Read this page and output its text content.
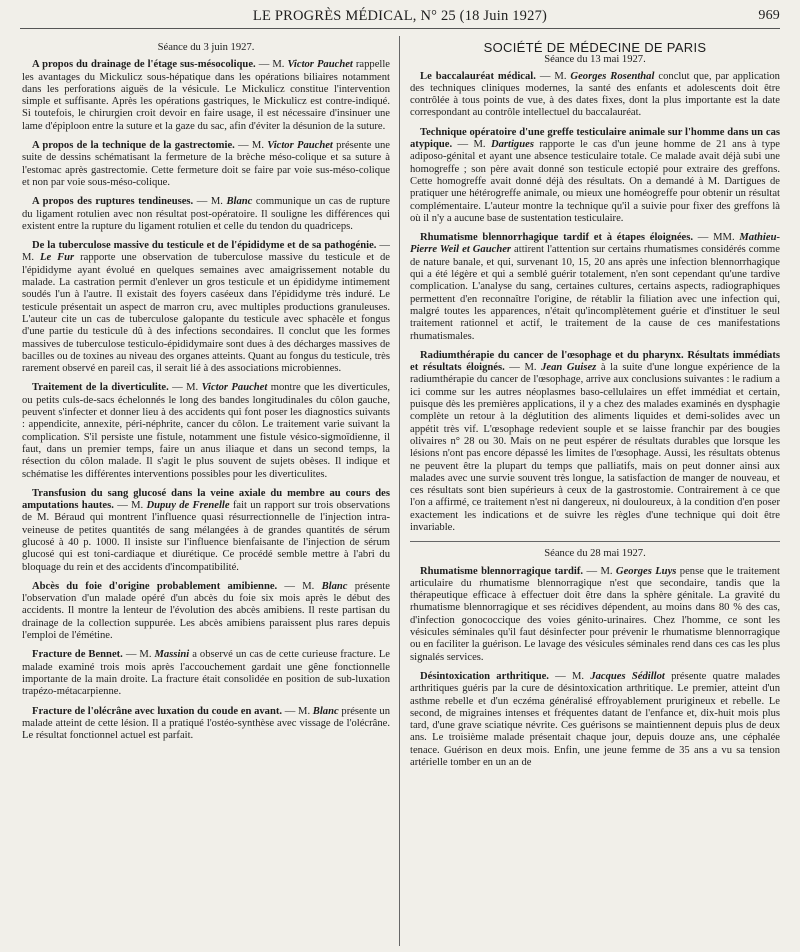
LE PROGRÈS MÉDICAL, N° 25 (18 Juin 1927)	969
Séance du 3 juin 1927.

A propos du drainage de l'étage sus-mésocolique. — M. Victor Pauchet rappelle les avantages du Mickulicz sous-hépatique dans les opérations biliaires notamment dans les perforations aiguës de la vésicule. Le Mickulicz constitue l'intervention simple et suffisante. Après les opérations gastriques, le Mickulicz est contre-indiqué. Si toutefois, le chirurgien croit devoir en faire usage, il est nécessaire d'insinuer une lame d'épiploon entre la suture et la gaze du sac, afin d'éviter la désunion de la suture.

A propos de la technique de la gastrectomie. — M. Victor Pauchet présente une suite de dessins schématisant la fermeture de la brèche méso-colique et sa suture à l'estomac après gastrectomie. Cette fermeture doit se faire par voie sus-méso-colique et non par voie sous-méso-colique.

A propos des ruptures tendineuses. — M. Blanc communique un cas de rupture du ligament rotulien avec non résultat post-opératoire. Il souligne les différences qui existent entre la rupture du ligament rotulien et celle du tendon du quadriceps.

De la tuberculose massive du testicule et de l'épididyme et de sa pathogénie. — M. Le Fur rapporte une observation de tuberculose massive du testicule et de l'épididyme ayant évolué en quelques semaines avec amaigrissement notable du malade. La castration permit d'enlever un gros testicule et un épididyme intimement soudés l'un à l'autre. Il existait des foyers caséeux dans l'épididyme très induré. Le testicule présentait un aspect de marron cru, avec multiples productions granuleuses. L'auteur cite un cas de tuberculose galopante du testicule avec sphacèle et fongus d'une partie du testicule dû à des infections secondaires. Il conclut que les formes massives de tuberculose testiculo-épididymaire sont dues à des décharges massives de bacilles ou de toxines au niveau des organes atteints. Quant au fongus du testicule, très rarement observé en pareil cas, il serait lié à des associations microbiennes.

Traitement de la diverticulite. — M. Victor Pauchet montre que les diverticules, ou petits culs-de-sacs échelonnés le long des bandes longitudinales du côlon gauche, peuvent s'infecter et donner lieu à des accidents qui font poser les diagnostics suivants : appendicite, annexite, péri-néphrite, cancer du côlon. Le traitement varie suivant la complication. S'il persiste une fistule, notamment une fistule vésico-sigmoïdienne, il faut, dans un premier temps, faire un anus iliaque et dans un second temps, la résection du côlon malade. Il s'agit le plus souvent de sujets obèses. Il indique et schématise les différentes interventions possibles pour les diverticulites.

Transfusion du sang glucosé dans la veine axiale du membre au cours des amputations hautes. — M. Dupuy de Frenelle fait un rapport sur trois observations de M. Béraud qui montrent l'influence quasi résurrectionnelle de l'injection intra-veineuse de petites quantités de sang mélangées à de grandes quantités de sérum glucosé à 40 p. 1000. Il insiste sur l'influence bienfaisante de l'injection de sérum glucosé qui est toni-cardiaque et diurétique. Ce procédé semble mettre à l'abri du bloquage du rein et des accidents d'incompatibilité.

Abcès du foie d'origine probablement amibienne. — M. Blanc présente l'observation d'un malade opéré d'un abcès du foie six mois après le début des accidents. Il montre la lenteur de l'évolution des abcès amibiens. Il reste partisan du drainage de la collection suppurée. Les abcès amibiens paraissent plus rares depuis l'emploi de l'émétine.

Fracture de Bennet. — M. Massini a observé un cas de cette curieuse fracture. Le malade examiné trois mois après l'accouchement gardait une gêne fonctionnelle importante de la main droite. La fracture était consolidée en position de sub-luxation trapézo-métacarpienne.

Fracture de l'olécrâne avec luxation du coude en avant. — M. Blanc présente un malade atteint de cette lésion. Il a pratiqué l'ostéo-synthèse avec vissage de l'olécrâne. Le résultat fonctionnel actuel est parfait.

SOCIÉTÉ DE MÉDECINE DE PARIS
Séance du 13 mai 1927.

Le baccalauréat médical. — M. Georges Rosenthal conclut que, par application des techniques cliniques modernes, la santé des enfants et adolescents doit être contrôlée à tous points de vue, à des dates fixes, dont la plus importante est la date correspondant au contrôle intellectuel du baccalauréat.

Technique opératoire d'une greffe testiculaire animale sur l'homme dans un cas atypique. — M. Dartigues rapporte le cas d'un jeune homme de 21 ans à type adiposo-génital et ayant une absence testiculaire totale. Ce malade avait déjà subi une homogreffe ; son père avait donné son testicule ectopié pour extraire des greffons. Cette homogreffe avait donné déjà des résultats. On a demandé à M. Dartigues de pratiquer une hétérogreffe animale, ou mieux une homéogreffe pour obtenir un résultat complémentaire. L'auteur montre la technique qu'il a suivie pour fixer des greffons là où il n'y a aucune base de sustentation testiculaire.

Rhumatisme blennorrhagique tardif et à étapes éloignées. — MM. Mathieu-Pierre Weil et Gaucher attirent l'attention sur certains rhumatismes considérés comme de nature banale, et qui, survenant 10, 15, 20 ans après une infection blennorrhagique qui a été légère et qui a semblé guérir totalement, n'en sont cependant qu'une tardive complication. L'analyse du sang, certaines cultures, certains aspects, radiographiques permettent d'en reconnaître l'origine, de rétablir la filiation avec une infection qui, malgré toutes les apparences, n'était qu'incomplètement guérie et d'instituer le seul traitement rationnel et actif, le traitement de la cause de ces manifestations rhumatismales.

Radiumthérapie du cancer de l'œsophage et du pharynx. Résultats immédiats et résultats éloignés. — M. Jean Guisez à la suite d'une longue expérience de la radiumthérapie du cancer de l'œsophage, arrive aux conclusions suivantes : le radium a ici comme sur les autres néoplasmes baso-cellulaires un effet immédiat et certain, puisque dès les premières applications, il y a chez des malades examinés en dysphagie complète un retour à la déglutition des aliments liquides et demi-solides avec un appétit très vif. L'œsophage redevient souple et se laisse franchir par des bougies olivaires n° 28 ou 30. Mais on ne peut espérer de résultats durables que lorsque les lésions n'ont pas encore dépassé les limites de l'œsophage. Aussi, les résultats obtenus ne peuvent être la plupart du temps que palliatifs, mais on peut donner ainsi aux malades avec une survie souvent très longue, la satisfaction de manger de nouveau, et ces résultats sont bien supérieurs à ceux de la gastrostomie. Contrairement à ce que l'on a affirmé, ce traitement n'est ni dangereux, ni douloureux, à la condition d'en poser exactement les indications et de suivre les règles d'une technique qui doit être invariable.

Séance du 28 mai 1927.

Rhumatisme blennorragique tardif. — M. Georges Luys pense que le traitement articulaire du rhumatisme blennorragique n'est que secondaire, tandis que la thérapeutique efficace à effectuer doit être dans la sphère génitale. La gravité du rhumatisme blennorragique et ses récidives dépendent, au moins dans 80 % des cas, d'infection gonococcique des voies génito-urinaires. Chez l'homme, ce sont les vésicules séminales qu'il faut désinfecter pour prévenir le rhumatisme blennorragique ou en faciliter la guérison. Le lavage des vésicules séminales rend dans ces cas les plus signalés services.

Désintoxication arthritique. — M. Jacques Sédillot présente quatre malades arthritiques guéris par la cure de désintoxication arthritique. Le premier, atteint d'un asthme rebelle et d'un eczéma généralisé effroyablement prurigineux et rebelle. Le second, de migraines intenses et fréquentes datant de l'enfance et, dix-huit mois plus tard, d'une grave sciatique névrite. Ces guérisons se maintiennent depuis plus de deux ans. Le troisième malade présentait chaque jour, depuis douze ans, une céphalée tenace. Guérison en deux mois. Enfin, une jeune femme de 35 ans a vu sa tension artérielle tomber en un an de
